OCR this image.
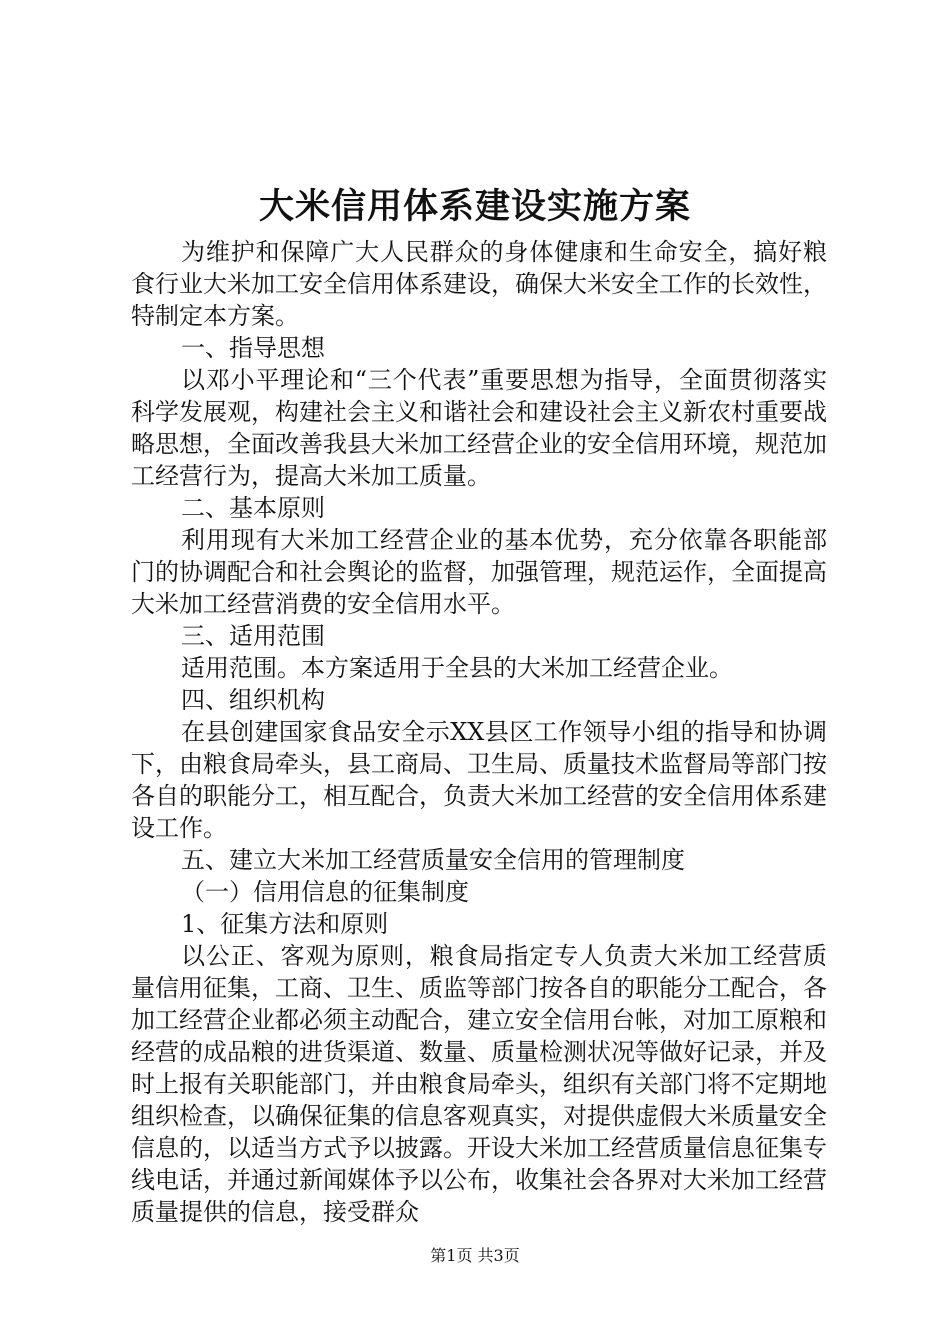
大米信用体系建设实施方案

为维护和保障广大人民群众的身体健康和生命安全，搞好粮食行业大米加工安全信用体系建设，确保大米安全工作的长效性，特制定本方案。

一、指导思想

以邓小平理论和“三个代表”重要思想为指导，全面贯彻落实科学发展观，构建社会主义和谐社会和建设社会主义新农村重要战略思想，全面改善我县大米加工经营企业的安全信用环境，规范加工经营行为，提高大米加工质量。

二、基本原则

利用现有大米加工经营企业的基本优势，充分依靠各职能部门的协调配合和社会舆论的监督，加强管理，规范运作，全面提高大米加工经营消费的安全信用水平。

三、适用范围

适用范围。本方案适用于全县的大米加工经营企业。

四、组织机构

在县创建国家食品安全示XX县区工作领导小组的指导和协调下，由粮食局牵头，县工商局、卫生局、质量技术监督局等部门按各自的职能分工，相互配合，负责大米加工经营的安全信用体系建设工作。

五、建立大米加工经营质量安全信用的管理制度

（一）信用信息的征集制度

1、征集方法和原则

以公正、客观为原则，粮食局指定专人负责大米加工经营质量信用征集，工商、卫生、质监等部门按各自的职能分工配合，各加工经营企业都必须主动配合，建立安全信用台帐，对加工原粮和经营的成品粮的进货渠道、数量、质量检测状况等做好记录，并及时上报有关职能部门，并由粮食局牵头，组织有关部门将不定期地组织检查，以确保征集的信息客观真实，对提供虚假大米质量安全信息的，以适当方式予以披露。开设大米加工经营质量信息征集专线电话，并通过新闻媒体予以公布，收集社会各界对大米加工经营质量提供的信息，接受群众

第1页 共3页
